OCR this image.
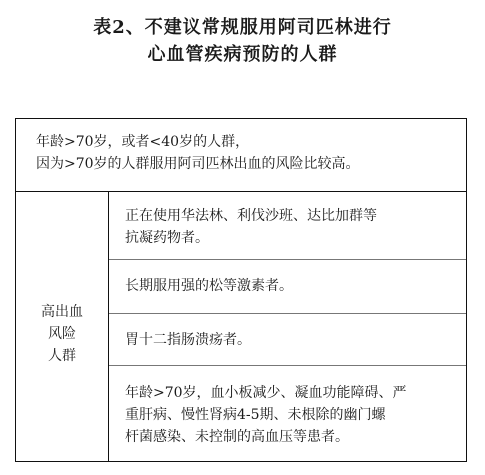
表2、不建议常规服用阿司匹林进行
心血管疾病预防的人群
年龄>70岁，或者<40岁的人群，
因为>70岁的人群服用阿司匹林出血的风险比较高。
高出血
风险
人群
正在使用华法林、利伐沙班、达比加群等
抗凝药物者。
长期服用强的松等激素者。
胃十二指肠溃疡者。
年龄>70岁，血小板减少、凝血功能障碍、严
重肝病、慢性肾病4-5期、未根除的幽门螺
杆菌感染、未控制的高血压等患者。
